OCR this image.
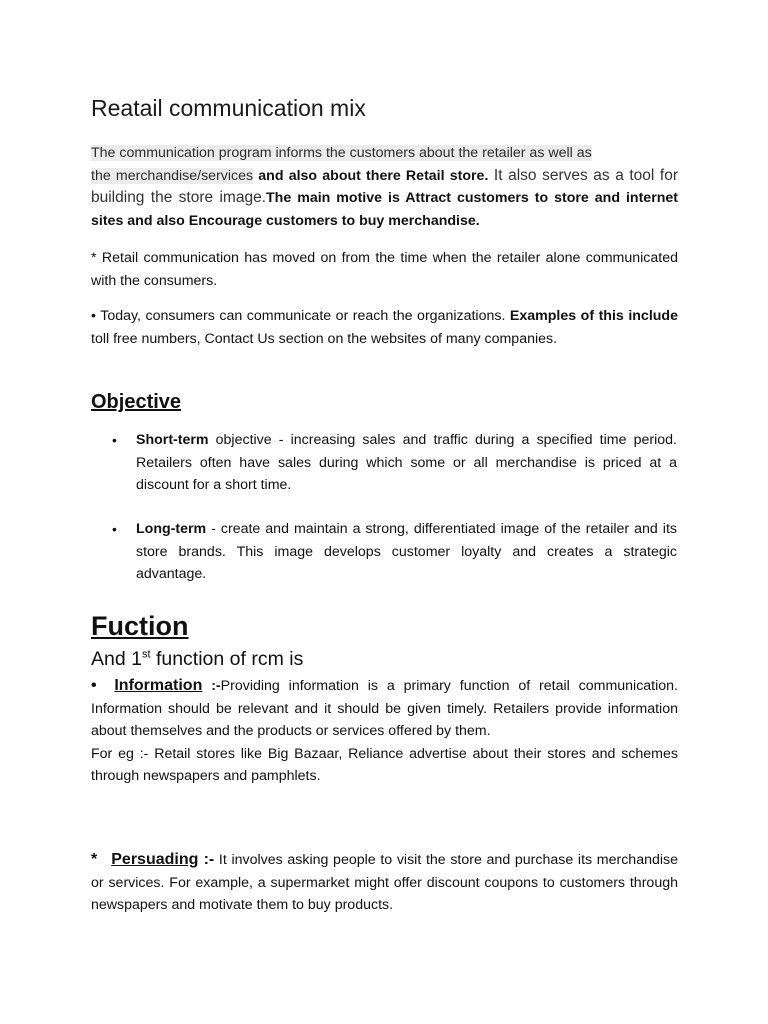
Reatail communication mix

The communication program informs the customers about the retailer as well as
the merchandise/services and also about there Retail store. It also serves as a tool for building the store image.The main motive is Attract customers to store and internet sites and also Encourage customers to buy merchandise.

* Retail communication has moved on from the time when the retailer alone communicated with the consumers.

• Today, consumers can communicate or reach the organizations. Examples of this include toll free numbers, Contact Us section on the websites of many companies.

Objective
• Short-term objective - increasing sales and traffic during a specified time period. Retailers often have sales during which some or all merchandise is priced at a discount for a short time.
• Long-term - create and maintain a strong, differentiated image of the retailer and its store brands. This image develops customer loyalty and creates a strategic advantage.
Fuction
And 1st function of rcm is

• Information :-Providing information is a primary function of retail communication. Information should be relevant and it should be given timely. Retailers provide information about themselves and the products or services offered by them.
For eg :- Retail stores like Big Bazaar, Reliance advertise about their stores and schemes through newspapers and pamphlets.

* Persuading :- It involves asking people to visit the store and purchase its merchandise or services. For example, a supermarket might offer discount coupons to customers through newspapers and motivate them to buy products.
